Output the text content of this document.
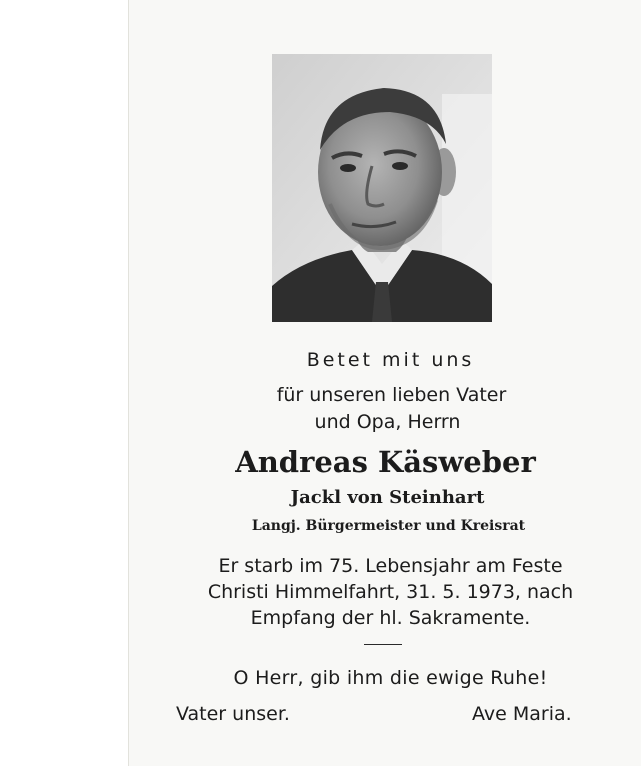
Betet mit uns
für unseren lieben Vater
und Opa, Herrn
Andreas Käsweber
Jackl von Steinhart
Langj. Bürgermeister und Kreisrat
Er starb im 75. Lebensjahr am Feste
Christi Himmelfahrt, 31. 5. 1973, nach
Empfang der hl. Sakramente.
O Herr, gib ihm die ewige Ruhe!
Vater unser.	Ave Maria.
